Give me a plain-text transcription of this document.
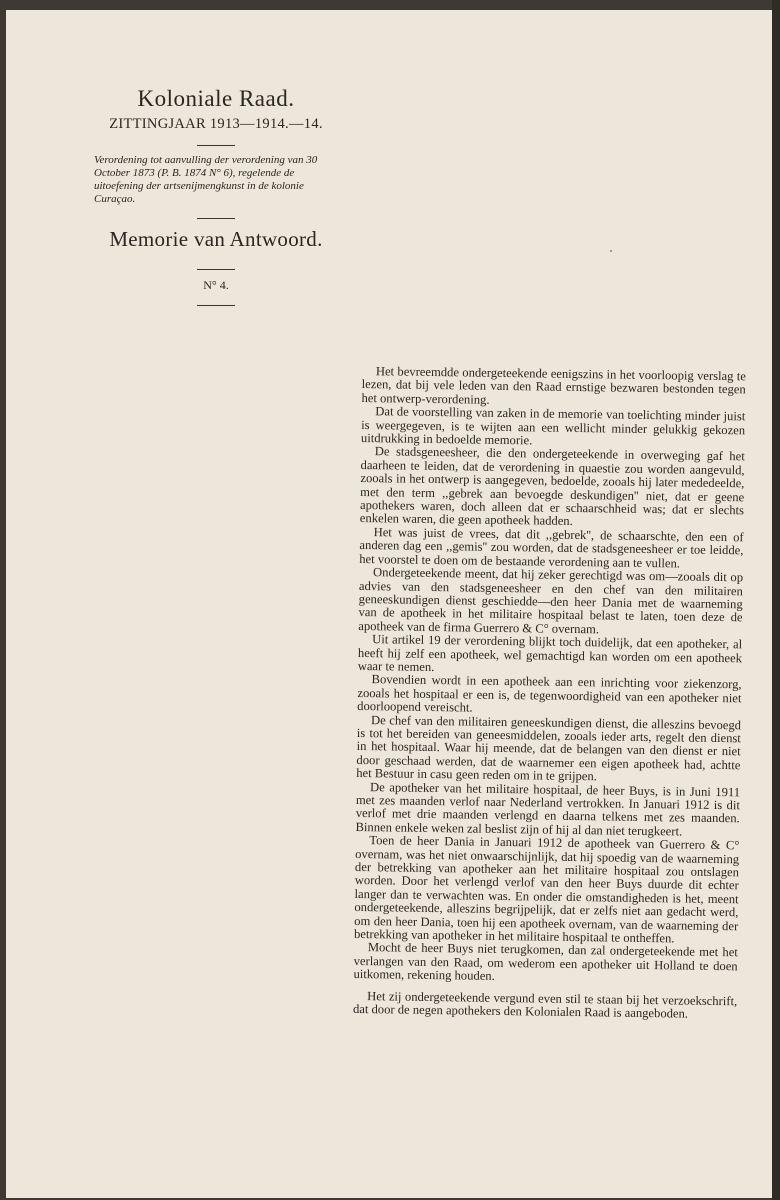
Koloniale Raad.
ZITTINGJAAR 1913—1914.—14.
Verordening tot aanvulling der verordening van 30 October 1873 (P. B. 1874 N° 6), regelende de uitoefening der artsenijmengkunst in de kolonie Curaçao.
Memorie van Antwoord.
N° 4.

Het bevreemdde ondergeteekende eenigszins in het voorloopig verslag te lezen, dat bij vele leden van den Raad ernstige bezwaren bestonden tegen het ontwerp-verordening.

Dat de voorstelling van zaken in de memorie van toelichting minder juist is weergegeven, is te wijten aan een wellicht minder gelukkig gekozen uitdrukking in bedoelde memorie.

De stadsgeneesheer, die den ondergeteekende in overweging gaf het daarheen te leiden, dat de verordening in quaestie zou worden aangevuld, zooals in het ontwerp is aangegeven, bedoelde, zooals hij later mededeelde, met den term ,,gebrek aan bevoegde deskundigen'' niet, dat er geene apothekers waren, doch alleen dat er schaarschheid was; dat er slechts enkelen waren, die geen apotheek hadden.

Het was juist de vrees, dat dit ,,gebrek'', de schaarschte, den een of anderen dag een ,,gemis'' zou worden, dat de stadsgeneesheer er toe leidde, het voorstel te doen om de bestaande verordening aan te vullen.

Ondergeteekende meent, dat hij zeker gerechtigd was om—zooals dit op advies van den stadsgeneesheer en den chef van den militairen geneeskundigen dienst geschiedde—den heer Dania met de waarneming van de apotheek in het militaire hospitaal belast te laten, toen deze de apotheek van de firma Guerrero & C° overnam.

Uit artikel 19 der verordening blijkt toch duidelijk, dat een apotheker, al heeft hij zelf een apotheek, wel gemachtigd kan worden om een apotheek waar te nemen.

Bovendien wordt in een apotheek aan een inrichting voor ziekenzorg, zooals het hospitaal er een is, de tegenwoordigheid van een apotheker niet doorloopend vereischt.

De chef van den militairen geneeskundigen dienst, die alleszins bevoegd is tot het bereiden van geneesmiddelen, zooals ieder arts, regelt den dienst in het hospitaal. Waar hij meende, dat de belangen van den dienst er niet door geschaad werden, dat de waarnemer een eigen apotheek had, achtte het Bestuur in casu geen reden om in te grijpen.

De apotheker van het militaire hospitaal, de heer Buys, is in Juni 1911 met zes maanden verlof naar Nederland vertrokken. In Januari 1912 is dit verlof met drie maanden verlengd en daarna telkens met zes maanden. Binnen enkele weken zal beslist zijn of hij al dan niet terugkeert.

Toen de heer Dania in Januari 1912 de apotheek van Guerrero & C° overnam, was het niet onwaarschijnlijk, dat hij spoedig van de waarneming der betrekking van apotheker aan het militaire hospitaal zou ontslagen worden. Door het verlengd verlof van den heer Buys duurde dit echter langer dan te verwachten was. En onder die omstandigheden is het, meent ondergeteekende, alleszins begrijpelijk, dat er zelfs niet aan gedacht werd, om den heer Dania, toen hij een apotheek overnam, van de waarneming der betrekking van apotheker in het militaire hospitaal te ontheffen.

Mocht de heer Buys niet terugkomen, dan zal ondergeteekende met het verlangen van den Raad, om wederom een apotheker uit Holland te doen uitkomen, rekening houden.

Het zij ondergeteekende vergund even stil te staan bij het verzoekschrift, dat door de negen apothekers den Kolonialen Raad is aangeboden.
